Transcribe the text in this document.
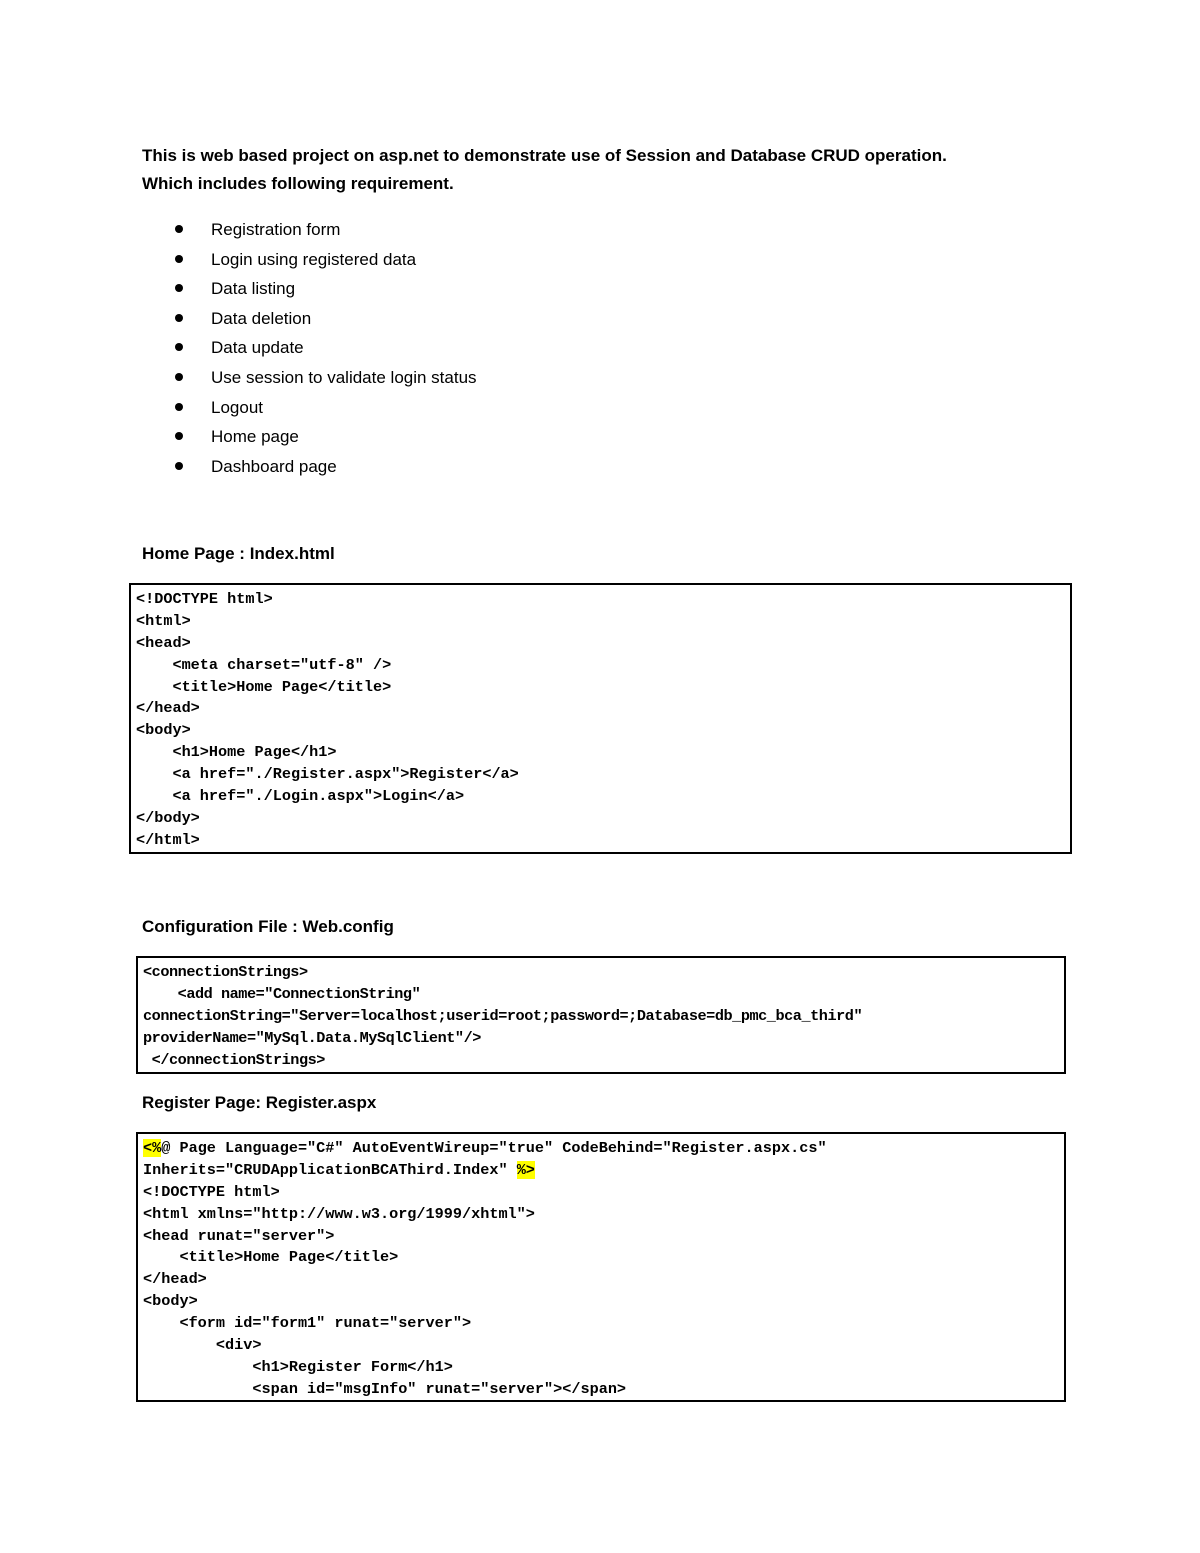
This is web based project on asp.net to demonstrate use of Session and Database CRUD operation.
Which includes following requirement.
Registration form
Login using registered data
Data listing
Data deletion
Data update
Use session to validate login status
Logout
Home page
Dashboard page
Home Page : Index.html
<!DOCTYPE html>
<html>
<head>
<meta charset="utf-8" />
<title>Home Page</title>
</head>
<body>
<h1>Home Page</h1>
<a href="./Register.aspx">Register</a>
<a href="./Login.aspx">Login</a>
</body>
</html>
Configuration File : Web.config
<connectionStrings>
<add name="ConnectionString"
connectionString="Server=localhost;userid=root;password=;Database=db_pmc_bca_third"
providerName="MySql.Data.MySqlClient"/>
</connectionStrings>
Register Page: Register.aspx
<%@ Page Language="C#" AutoEventWireup="true" CodeBehind="Register.aspx.cs"
Inherits="CRUDApplicationBCAThird.Index" %>
<!DOCTYPE html>
<html xmlns="http://www.w3.org/1999/xhtml">
<head runat="server">
<title>Home Page</title>
</head>
<body>
<form id="form1" runat="server">
<div>
<h1>Register Form</h1>
<span id="msgInfo" runat="server"></span>
